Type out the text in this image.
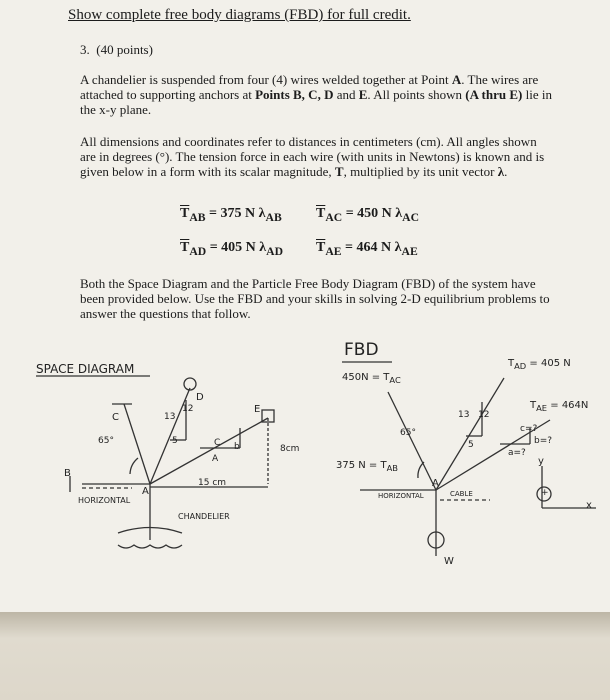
Show complete free body diagrams (FBD) for full credit.
3. (40 points)
A chandelier is suspended from four (4) wires welded together at Point A. The wires are attached to supporting anchors at Points B, C, D and E. All points shown (A thru E) lie in the x-y plane.
All dimensions and coordinates refer to distances in centimeters (cm). All angles shown are in degrees (°). The tension force in each wire (with units in Newtons) is known and is given below in a form with its scalar magnitude, T, multiplied by its unit vector λ.
$\overline{T}_{AB} = 375$ N $\lambda_{AB}$ $\overline{T}_{AC} = 450$ N $\lambda_{AC}$
$\overline{T}_{AD} = 405$ N $\lambda_{AD}$ $\overline{T}_{AE} = 464$ N $\lambda_{AE}$
Both the Space Diagram and the Particle Free Body Diagram (FBD) of the system have been provided below. Use the FBD and your skills in solving 2-D equilibrium problems to answer the questions that follow.
SPACE DIAGRAM
B
C
D
E
A
65°
13
12
5	C b
A
8cm
15 cm
HORIZONTAL
CHANDELIER
FBD
$450N = T_{AC}$
$T_{AD} = 405$ N
$T_{AE} = 464N$
375 $N = T_{AB}$
65°
13 12
5
c=?
b=?
a=?
A
HORIZONTAL	CABLE
W
y
x
+
